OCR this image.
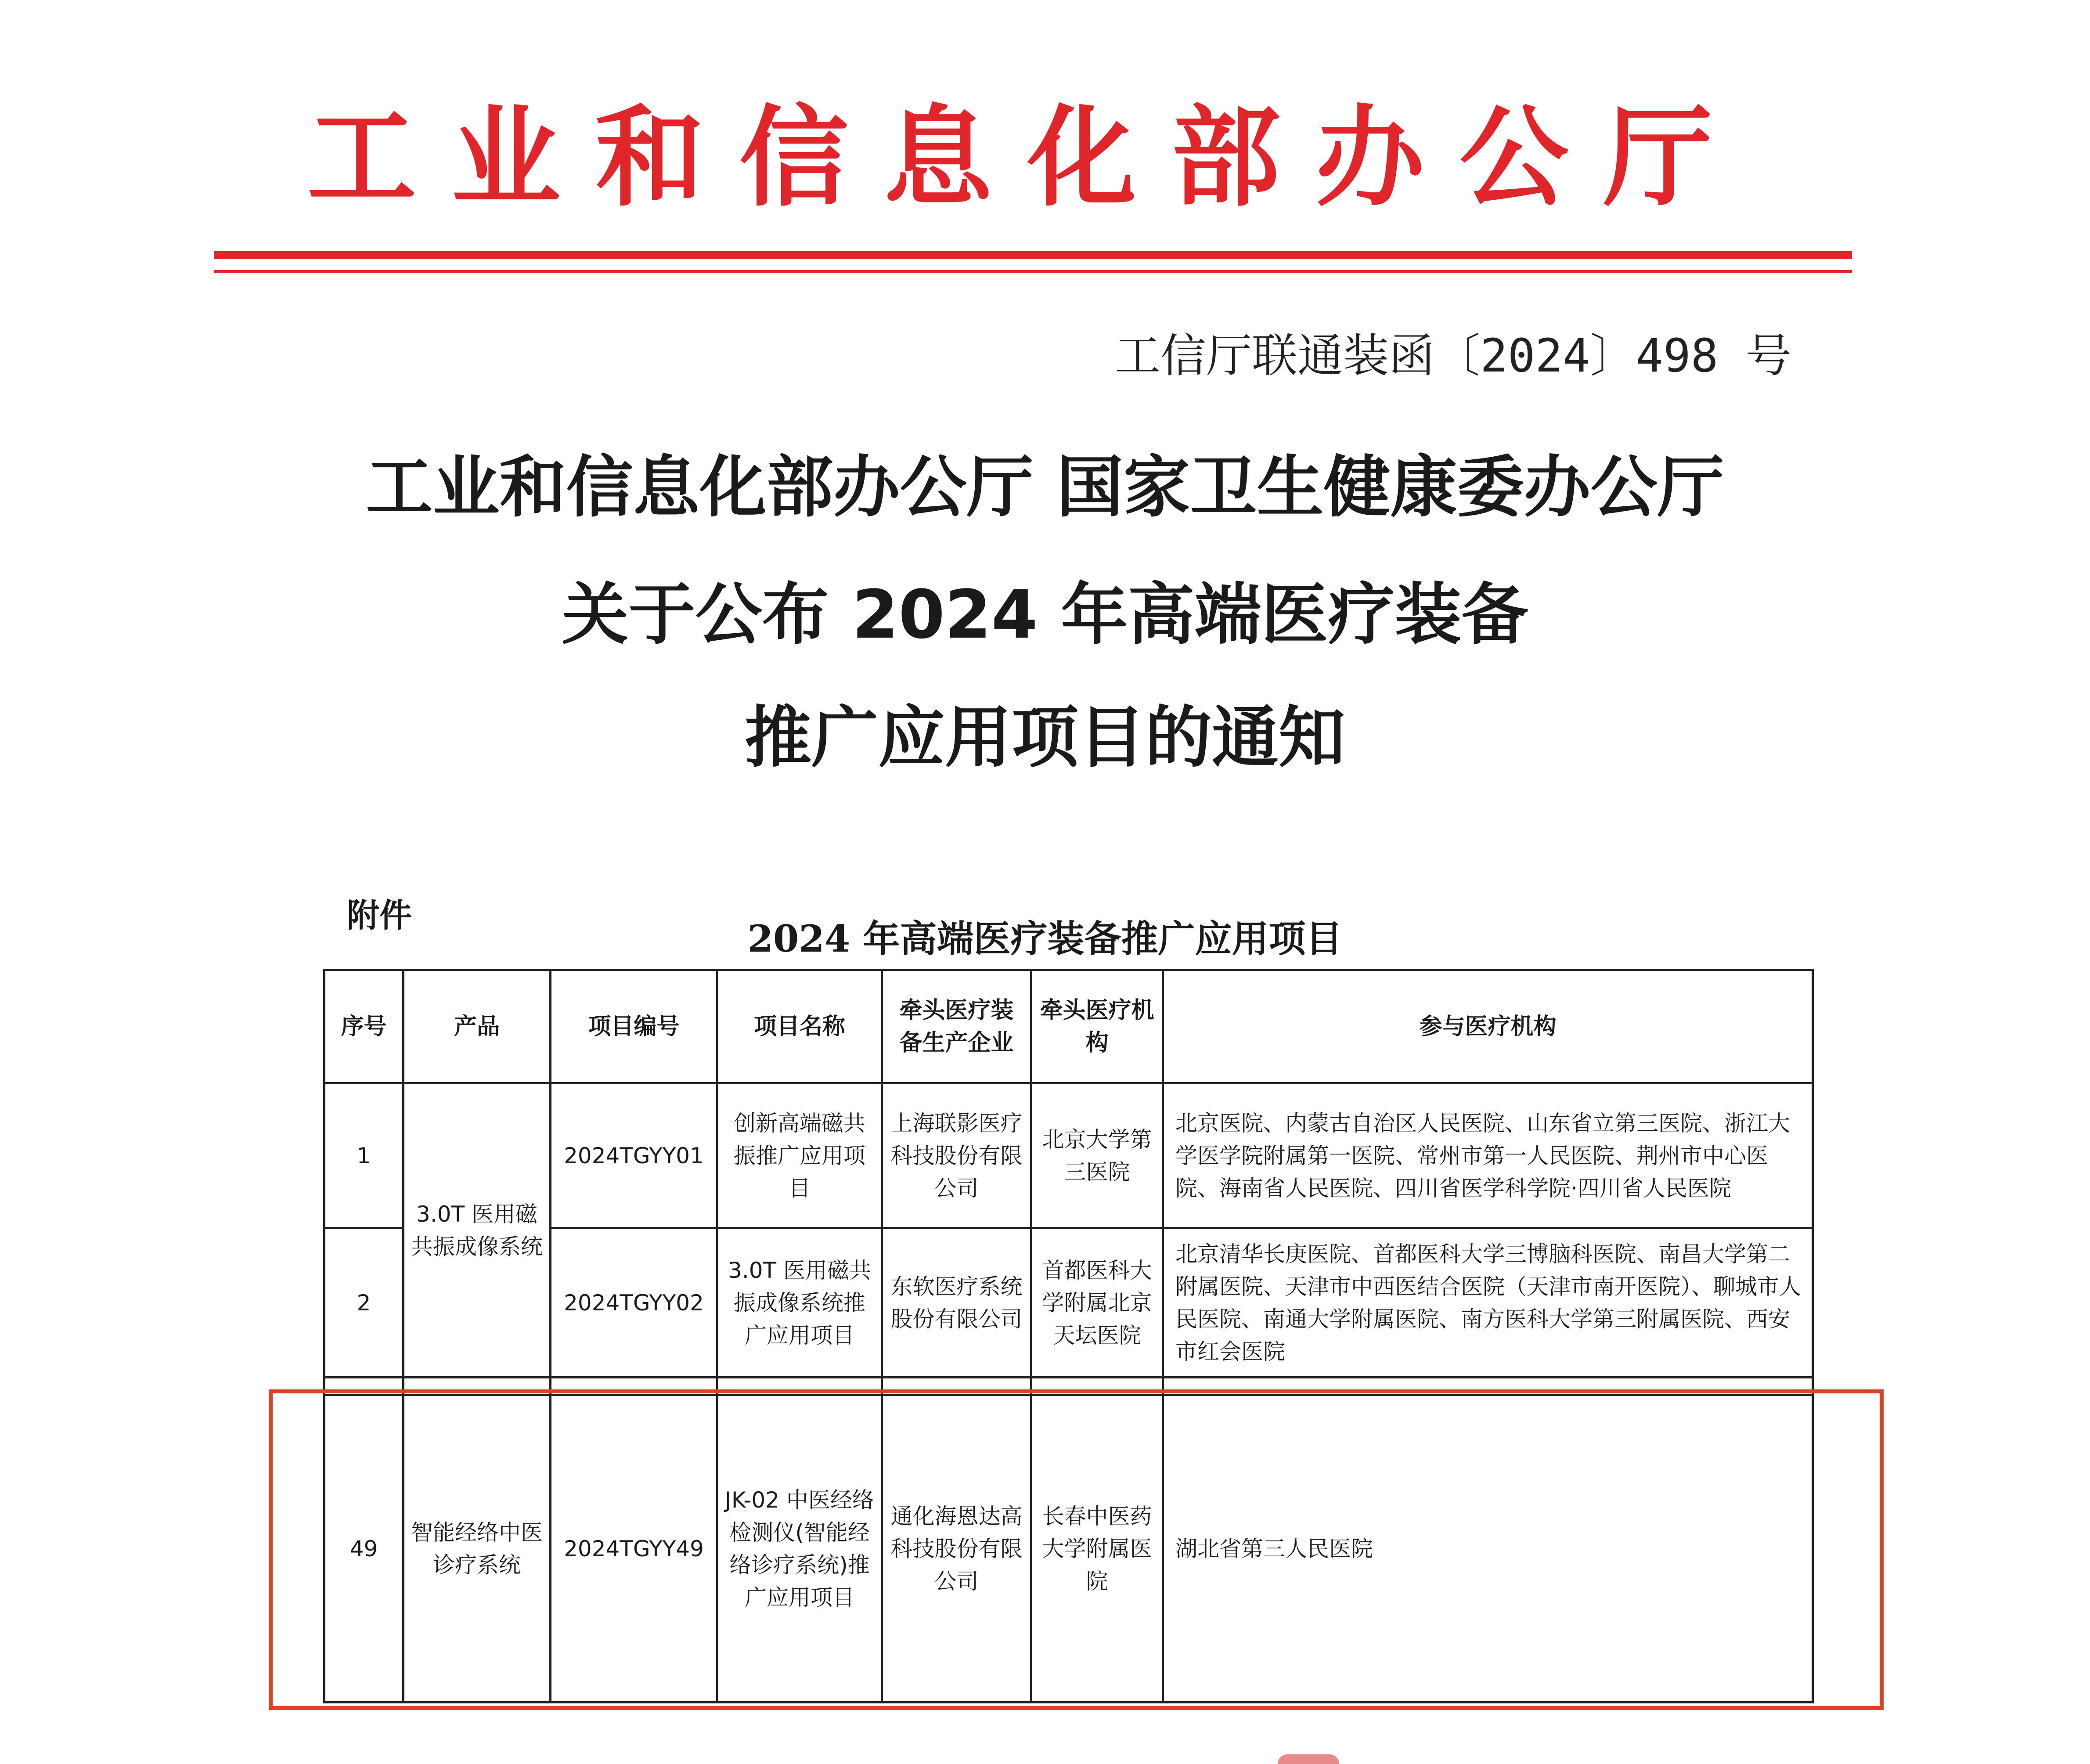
工业和信息化部办公厅
工信厅联通装函〔2024〕498 号
工业和信息化部办公厅 国家卫生健康委办公厅
关于公布 2024 年高端医疗装备
推广应用项目的通知
附件
2024 年高端医疗装备推广应用项目
序号	产品	项目编号	项目名称	牵头医疗装备生产企业	牵头医疗机构	参与医疗机构
1	3.0T 医用磁共振成像系统	2024TGYY01	创新高端磁共振推广应用项目	上海联影医疗科技股份有限公司	北京大学第三医院	北京医院、内蒙古自治区人民医院、山东省立第三医院、浙江大学医学院附属第一医院、常州市第一人民医院、荆州市中心医院、海南省人民医院、四川省医学科学院·四川省人民医院
2		2024TGYY02	3.0T 医用磁共振成像系统推广应用项目	东软医疗系统股份有限公司	首都医科大学附属北京天坛医院	北京清华长庚医院、首都医科大学三博脑科医院、南昌大学第二附属医院、天津市中西医结合医院（天津市南开医院）、聊城市人民医院、南通大学附属医院、南方医科大学第三附属医院、西安市红会医院

49	智能经络中医诊疗系统	2024TGYY49	JK-02 中医经络检测仪(智能经络诊疗系统)推广应用项目	通化海恩达高科技股份有限公司	长春中医药大学附属医院	湖北省第三人民医院
